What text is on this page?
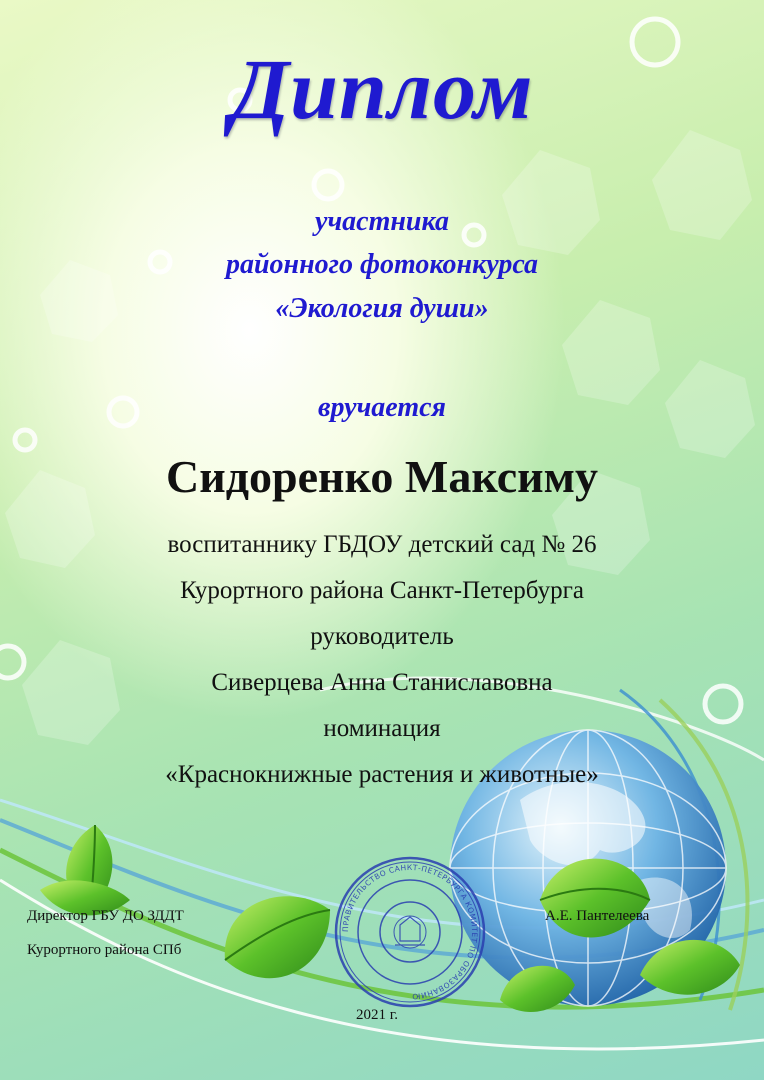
Диплом
участника
районного фотоконкурса
«Экология души»
вручается
Сидоренко Максиму
воспитаннику ГБДОУ детский сад № 26
Курортного района Санкт-Петербурга
руководитель
Сиверцева Анна Станиславовна
номинация
«Краснокнижные растения и животные»
Директор ГБУ ДО ЗДДТ
Курортного района СПб
А.Е. Пантелеева
2021 г.
ПРАВИТЕЛЬСТВО САНКТ-ПЕТЕРБУРГА КОМИТЕТ ПО ОБРАЗОВАНИЮ
